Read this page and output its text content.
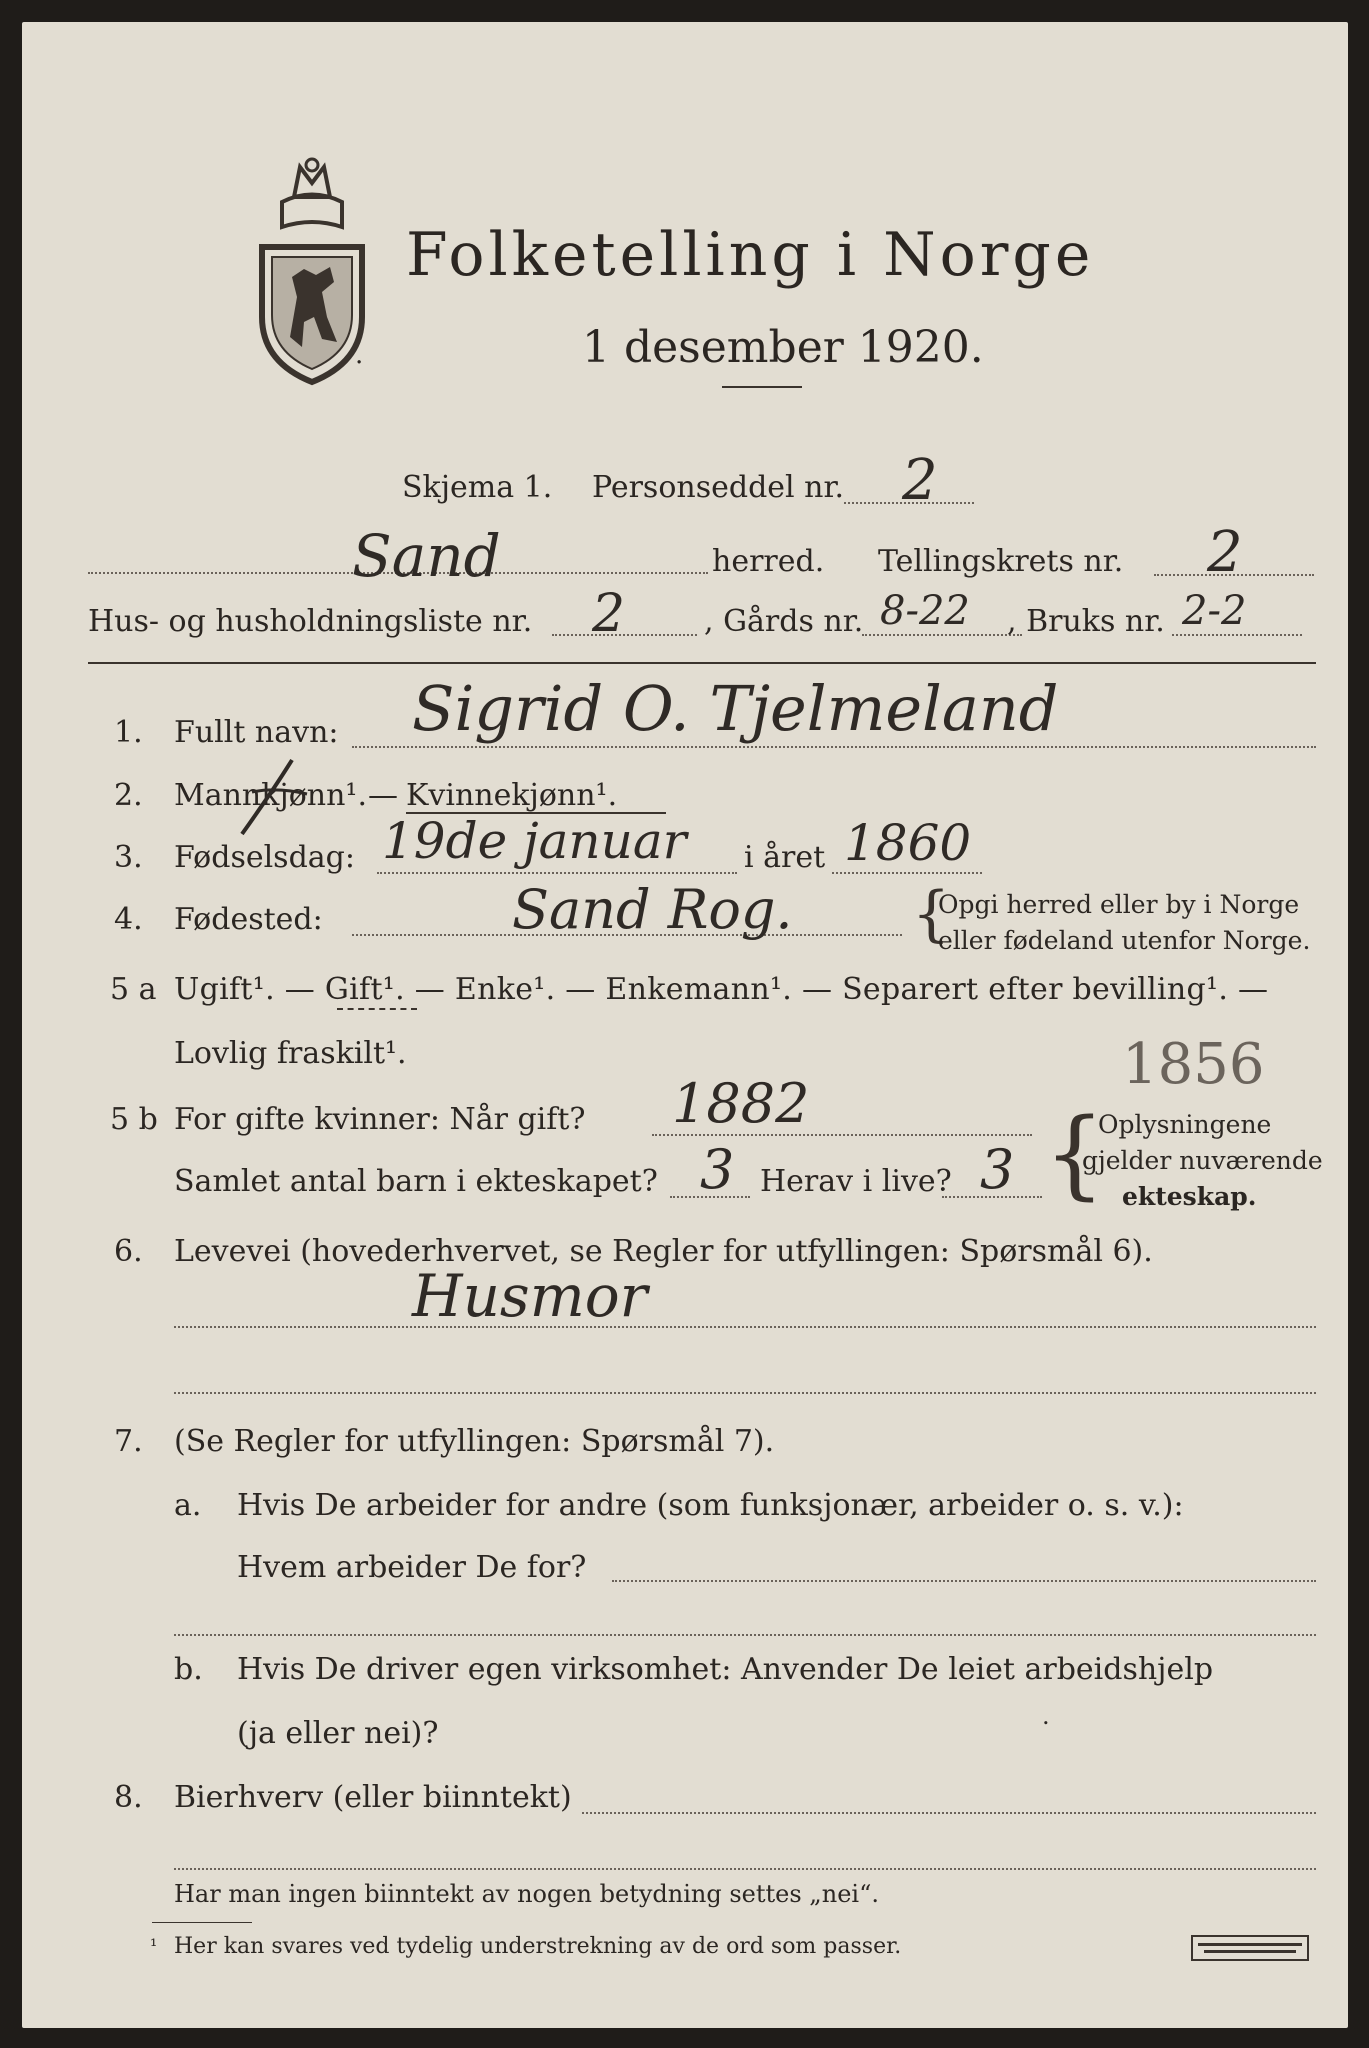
Folketelling i Norge
1 desember 1920.
.
Skjema 1. Personseddel nr. 2
Sand	herred. Tellingskrets nr. 2
Hus- og husholdningsliste nr. 2	, Gårds nr. 8-22 , Bruks nr. 2-2
1. Fullt navn: Sigrid O. Tjelmeland
2. Mannkjønn¹. — Kvinnekjønn¹.
3. Fødselsdag: 19de januar i året 1860
4. Fødested:	Sand Rog. {
Opgi herred eller by i Norge
eller fødeland utenfor Norge.
5 a Ugift¹. — Gift¹. — Enke¹. — Enkemann¹. — Separert efter bevilling¹. —
Lovlig fraskilt¹.	1856
5 b For gifte kvinner: Når gift? 1882
Samlet antal barn i ekteskapet? 3 Herav i live? 3 {
Oplysningene
gjelder nuværende
ekteskap.
6. Levevei (hovederhvervet, se Regler for utfyllingen: Spørsmål 6).
Husmor
7. (Se Regler for utfyllingen: Spørsmål 7).
a. Hvis De arbeider for andre (som funksjonær, arbeider o. s. v.):
Hvem arbeider De for?
b. Hvis De driver egen virksomhet: Anvender De leiet arbeidshjelp
(ja eller nei)?	.
8. Bierhverv (eller biinntekt)
Har man ingen biinntekt av nogen betydning settes „nei“.
¹ Her kan svares ved tydelig understrekning av de ord som passer.
